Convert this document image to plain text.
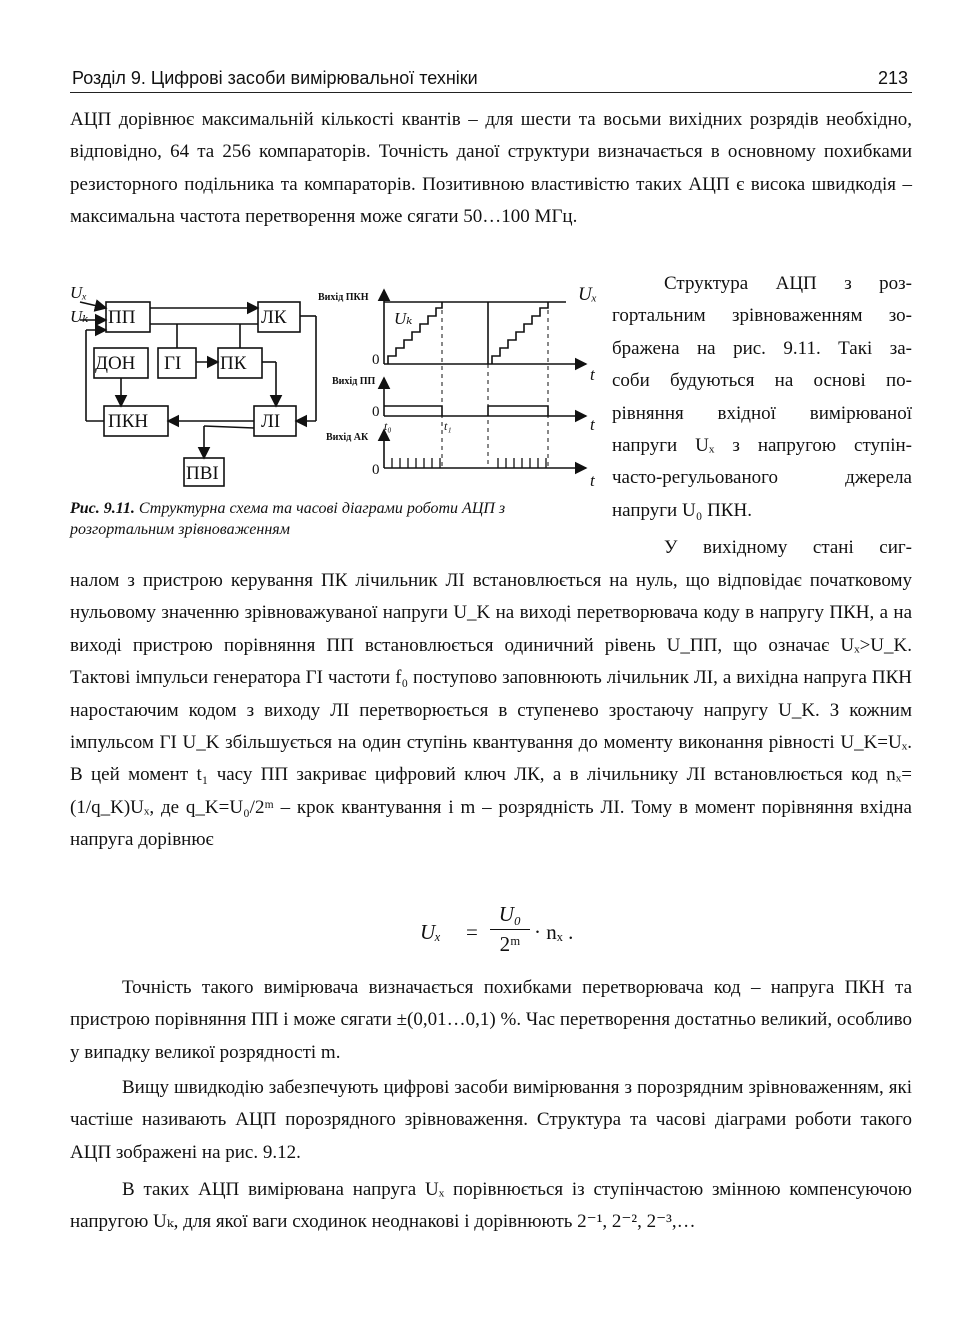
Розділ 9. Цифрові засоби вимірювальної техніки	213

АЦП дорівнює максимальній кількості квантів – для шести та восьми вихідних розрядів необхідно, відповідно, 64 та 256 компараторів. Точність даної структури визначається в основному похибками резисторного подільника та компараторів. Позитивною властивістю таких АЦП є висока швидкодія – максимальна частота перетворення може сягати 50…100 МГц.

ПП	ЛК
ДОН ГІ ПК
ПКН	ЛІ
ПВІ
Uₓ
Uₖ
Вихід ПКН
Вихід ПП
Вихід АК
Uₓ
Uₖ
0
0
0
t
t
t
t₀	t₁
Рис. 9.11. Структурна схема та часові діаграми роботи АЦП з розгортальним зрівноваженням
Структура АЦП з роз-
гортальним зрівноваженням зо-
бражена на рис. 9.11. Такі за-
соби будуються на основі по-
рівняння вхідної вимірюваної
напруги Uₓ з напругою ступін-
часто-регульованого джерела
напруги U₀ ПКН.
У вихідному стані сиг-

налом з пристрою керування ПК лічильник ЛІ встановлюється на нуль, що відповідає початковому нульовому значенню зрівноважуваної напруги U_K на виході перетворювача коду в напругу ПКН, а на виході пристрою порівняння ПП встановлюється одиничний рівень U_ПП, що означає Uₓ>U_K. Тактові імпульси генератора ГІ частоти f₀ поступово заповнюють лічильник ЛІ, а вихідна напруга ПКН наростаючим кодом з виходу ЛІ перетворюється в ступенево зростаючу напругу U_K. З кожним імпульсом ГІ U_K збільшується на один ступінь квантування до моменту виконання рівності U_K=Uₓ. В цей момент t₁ часу ПП закриває цифровий ключ ЛК, а в лічильнику ЛІ встановлюється код nₓ=(1/q_K)Uₓ, де q_K=U₀/2ᵐ – крок квантування і m – розрядність ЛІ. Тому в момент порівняння вхідна напруга дорівнює

Uₓ =
U₀
2ᵐ · nₓ .

Точність такого вимірювача визначається похибками перетворювача код – напруга ПКН та пристрою порівняння ПП і може сягати ±(0,01…0,1) %. Час перетворення достатньо великий, особливо у випадку великої розрядності m.

Вищу швидкодію забезпечують цифрові засоби вимірювання з порозрядним зрівноваженням, які частіше називають АЦП порозрядного зрівноваження. Структура та часові діаграми роботи такого АЦП зображені на рис. 9.12.

В таких АЦП вимірювана напруга Uₓ порівнюється із ступінчастою змінною компенсуючою напругою Uₖ, для якої ваги сходинок неоднакові і дорівнюють 2⁻¹, 2⁻², 2⁻³,…
